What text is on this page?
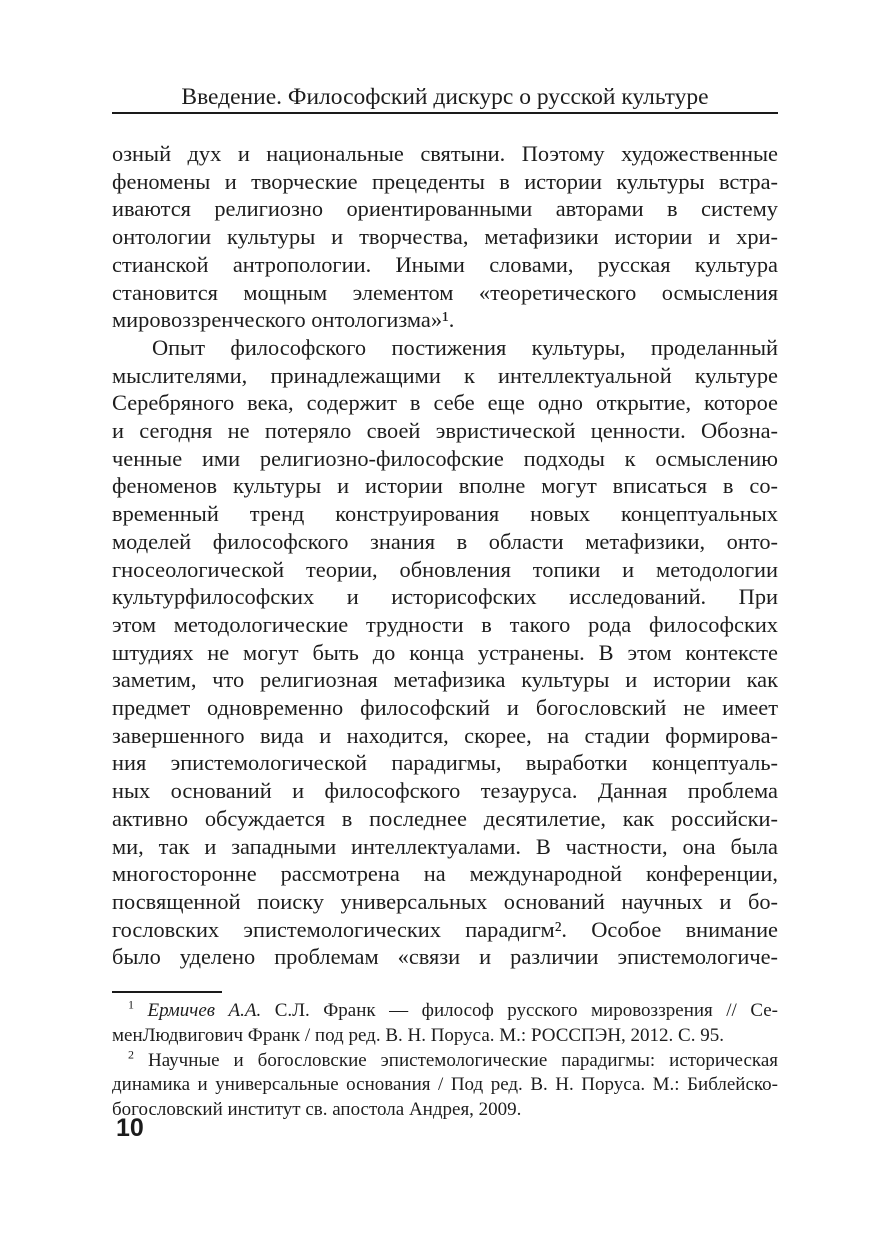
Введение. Философский дискурс о русской культуре
озный дух и национальные святыни. Поэтому художественные
феномены и творческие прецеденты в истории культуры встра-
иваются религиозно ориентированными авторами в систему
онтологии культуры и творчества, метафизики истории и хри-
стианской антропологии. Иными словами, русская культура
становится мощным элементом «теоретического осмысления
мировоззренческого онтологизма»¹.
Опыт философского постижения культуры, проделанный
мыслителями, принадлежащими к интеллектуальной культуре
Серебряного века, содержит в себе еще одно открытие, которое
и сегодня не потеряло своей эвристической ценности. Обозна-
ченные ими религиозно-философские подходы к осмыслению
феноменов культуры и истории вполне могут вписаться в со-
временный тренд конструирования новых концептуальных
моделей философского знания в области метафизики, онто-
гносеологической теории, обновления топики и методологии
культурфилософских и историсофских исследований. При
этом методологические трудности в такого рода философских
штудиях не могут быть до конца устранены. В этом контексте
заметим, что религиозная метафизика культуры и истории как
предмет одновременно философский и богословский не имеет
завершенного вида и находится, скорее, на стадии формирова-
ния эпистемологической парадигмы, выработки концептуаль-
ных оснований и философского тезауруса. Данная проблема
активно обсуждается в последнее десятилетие, как российски-
ми, так и западными интеллектуалами. В частности, она была
многосторонне рассмотрена на международной конференции,
посвященной поиску универсальных оснований научных и бо-
гословских эпистемологических парадигм². Особое внимание
было уделено проблемам «связи и различии эпистемологиче-
$^1$ Ермичев А.А. С.Л. Франк — философ русского мировоззрения // Се-
менЛюдвигович Франк / под ред. В. Н. Поруса. М.: РОССПЭН, 2012. С. 95.
$^2$ Научные и богословские эпистемологические парадигмы: историческая
динамика и универсальные основания / Под ред. В. Н. Поруса. М.: Библейско-
богословский институт св. апостола Андрея, 2009.
10
